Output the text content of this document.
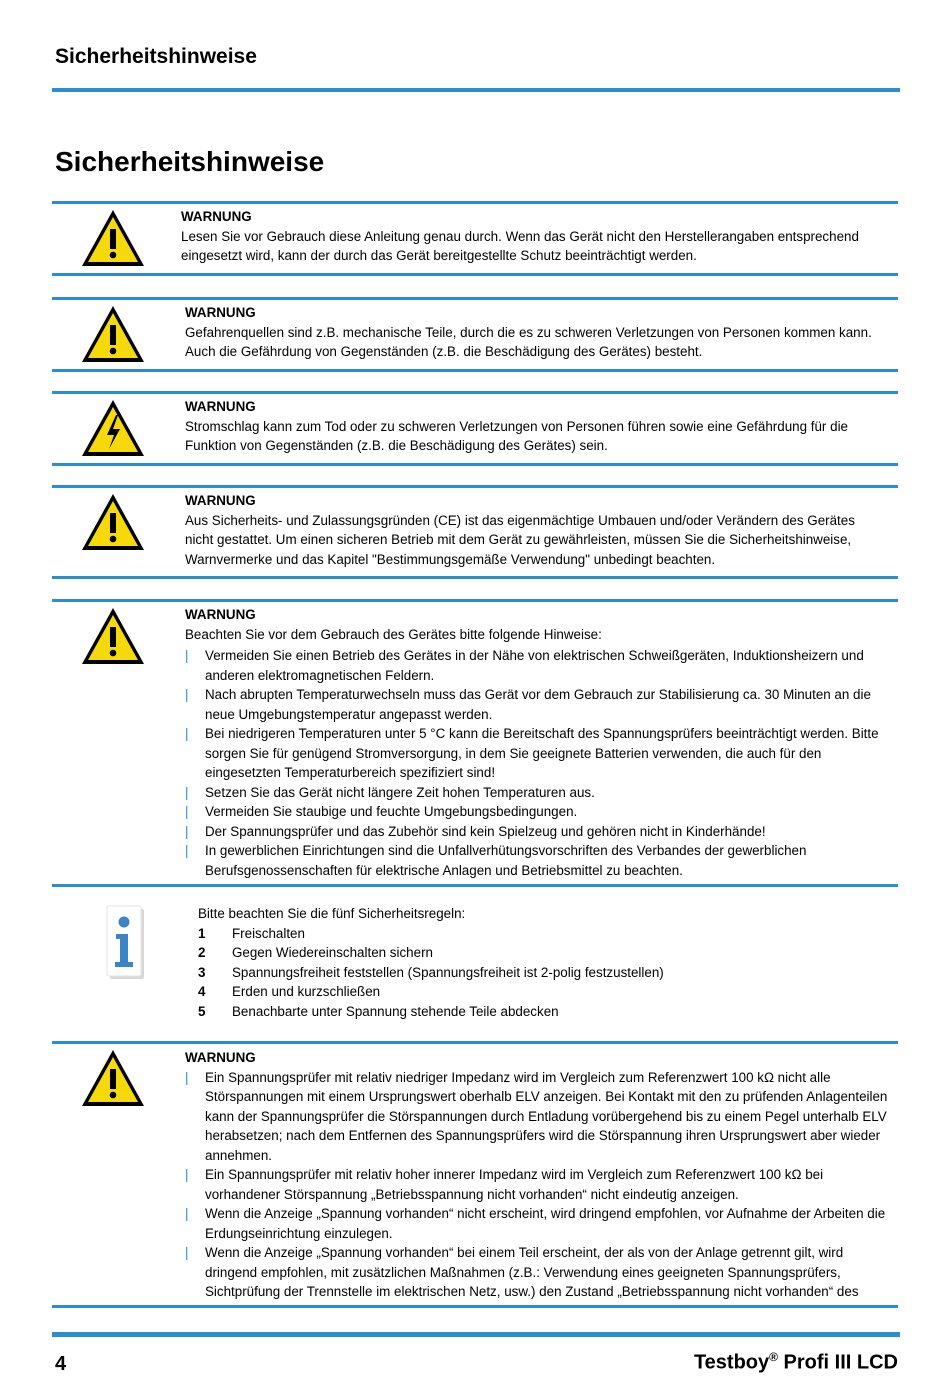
Sicherheitshinweise
Sicherheitshinweise
WARNUNG

Lesen Sie vor Gebrauch diese Anleitung genau durch. Wenn das Gerät nicht den Herstellerangaben entsprechend eingesetzt wird, kann der durch das Gerät bereitgestellte Schutz beeinträchtigt werden.

WARNUNG

Gefahrenquellen sind z.B. mechanische Teile, durch die es zu schweren Verletzungen von Personen kommen kann. Auch die Gefährdung von Gegenständen (z.B. die Beschädigung des Gerätes) besteht.

WARNUNG

Stromschlag kann zum Tod oder zu schweren Verletzungen von Personen führen sowie eine Gefährdung für die Funktion von Gegenständen (z.B. die Beschädigung des Gerätes) sein.

WARNUNG

Aus Sicherheits- und Zulassungsgründen (CE) ist das eigenmächtige Umbauen und/oder Verändern des Gerätes nicht gestattet. Um einen sicheren Betrieb mit dem Gerät zu gewährleisten, müssen Sie die Sicherheitshinweise, Warnvermerke und das Kapitel "Bestimmungsgemäße Verwendung" unbedingt beachten.

WARNUNG

Beachten Sie vor dem Gebrauch des Gerätes bitte folgende Hinweise:

| Vermeiden Sie einen Betrieb des Gerätes in der Nähe von elektrischen Schweißgeräten, Induktionsheizern und anderen elektromagnetischen Feldern.
| Nach abrupten Temperaturwechseln muss das Gerät vor dem Gebrauch zur Stabilisierung ca. 30 Minuten an die neue Umgebungstemperatur angepasst werden.
| Bei niedrigeren Temperaturen unter 5 °C kann die Bereitschaft des Spannungsprüfers beeinträchtigt werden. Bitte sorgen Sie für genügend Stromversorgung, in dem Sie geeignete Batterien verwenden, die auch für den eingesetzten Temperaturbereich spezifiziert sind!
| Setzen Sie das Gerät nicht längere Zeit hohen Temperaturen aus.
| Vermeiden Sie staubige und feuchte Umgebungsbedingungen.
| Der Spannungsprüfer und das Zubehör sind kein Spielzeug und gehören nicht in Kinderhände!
| In gewerblichen Einrichtungen sind die Unfallverhütungsvorschriften des Verbandes der gewerblichen Berufsgenossenschaften für elektrische Anlagen und Betriebsmittel zu beachten.

Bitte beachten Sie die fünf Sicherheitsregeln:

1 Freischalten
2 Gegen Wiedereinschalten sichern
3 Spannungsfreiheit feststellen (Spannungsfreiheit ist 2-polig festzustellen)
4 Erden und kurzschließen
5 Benachbarte unter Spannung stehende Teile abdecken
WARNUNG
| Ein Spannungsprüfer mit relativ niedriger Impedanz wird im Vergleich zum Referenzwert 100 kΩ nicht alle Störspannungen mit einem Ursprungswert oberhalb ELV anzeigen. Bei Kontakt mit den zu prüfenden Anlagenteilen kann der Spannungsprüfer die Störspannungen durch Entladung vorübergehend bis zu einem Pegel unterhalb ELV herabsetzen; nach dem Entfernen des Spannungsprüfers wird die Störspannung ihren Ursprungswert aber wieder annehmen.
| Ein Spannungsprüfer mit relativ hoher innerer Impedanz wird im Vergleich zum Referenzwert 100 kΩ bei vorhandener Störspannung „Betriebsspannung nicht vorhanden“ nicht eindeutig anzeigen.
| Wenn die Anzeige „Spannung vorhanden“ nicht erscheint, wird dringend empfohlen, vor Aufnahme der Arbeiten die Erdungseinrichtung einzulegen.
| Wenn die Anzeige „Spannung vorhanden“ bei einem Teil erscheint, der als von der Anlage getrennt gilt, wird dringend empfohlen, mit zusätzlichen Maßnahmen (z.B.: Verwendung eines geeigneten Spannungsprüfers, Sichtprüfung der Trennstelle im elektrischen Netz, usw.) den Zustand „Betriebsspannung nicht vorhanden“ des
4	Testboy® Profi III LCD
